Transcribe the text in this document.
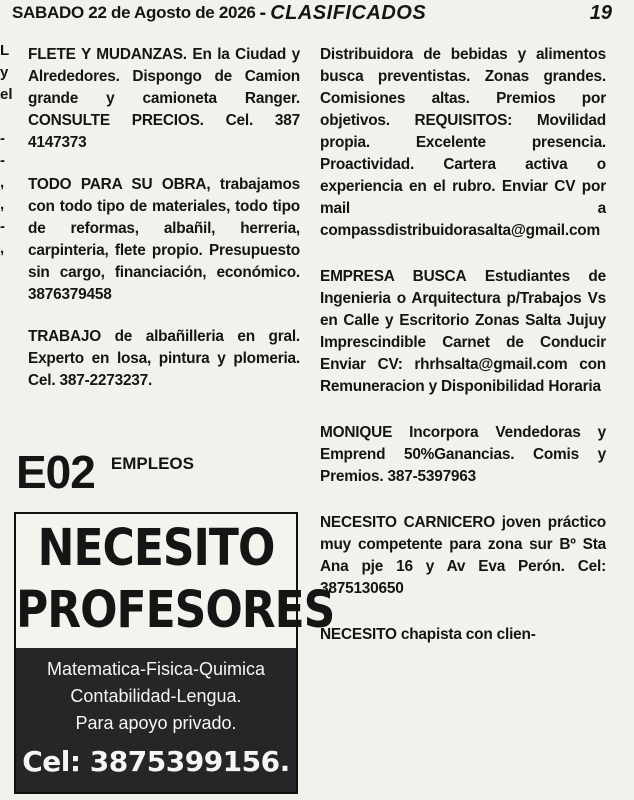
SABADO 22 de Agosto de 2026 - CLASIFICADOS	19
L
y
el

-
-
,
,
-
,

FLETE Y MUDANZAS. En la Ciudad y Alrededores. Dispongo de Camion grande y camioneta Ranger. CONSULTE PRECIOS. Cel. 387 4147373

TODO PARA SU OBRA, trabajamos con todo tipo de materiales, todo tipo de reformas, albañil, herreria, carpinteria, flete propio. Presupuesto sin cargo, financiación, económico. 3876379458

TRABAJO de albañilleria en gral. Experto en losa, pintura y plomeria. Cel. 387-2273237.

E02 EMPLEOS
NECESITO
PROFESORES
Matematica-Fisica-Quimica
Contabilidad-Lengua.
Para apoyo privado.
Cel: 3875399156.

Distribuidora de bebidas y alimentos busca preventistas. Zonas grandes. Comisiones altas. Premios por objetivos. REQUISITOS: Movilidad propia. Excelente presencia. Proactividad. Cartera activa o experiencia en el rubro. Enviar CV por mail a compassdistribuidorasalta@gmail.com

EMPRESA BUSCA Estudiantes de Ingenieria o Arquitectura p/Trabajos Vs en Calle y Escritorio Zonas Salta Jujuy Imprescindible Carnet de Conducir Enviar CV: rhrhsalta@gmail.com con Remuneracion y Disponibilidad Horaria

MONIQUE Incorpora Vendedoras y Emprend 50%Ganancias. Comis y Premios. 387-5397963

NECESITO CARNICERO joven práctico muy competente para zona sur Bº Sta Ana pje 16 y Av Eva Perón. Cel: 3875130650

NECESITO chapista con clien-
